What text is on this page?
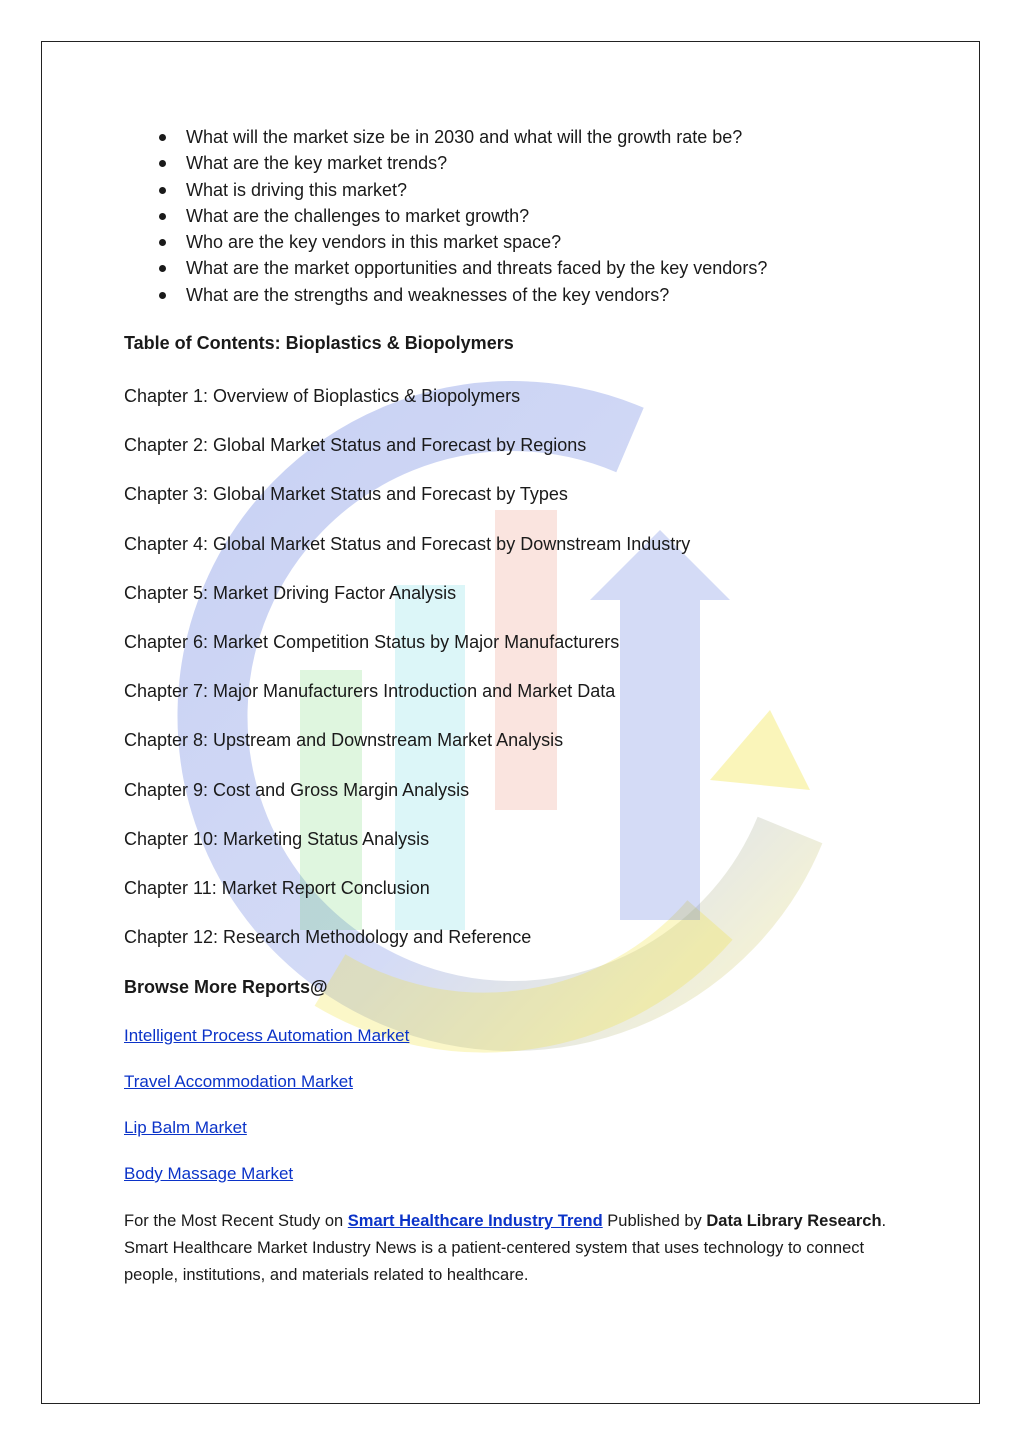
What will the market size be in 2030 and what will the growth rate be?
What are the key market trends?
What is driving this market?
What are the challenges to market growth?
Who are the key vendors in this market space?
What are the market opportunities and threats faced by the key vendors?
What are the strengths and weaknesses of the key vendors?

Table of Contents: Bioplastics & Biopolymers

Chapter 1: Overview of Bioplastics & Biopolymers

Chapter 2: Global Market Status and Forecast by Regions

Chapter 3: Global Market Status and Forecast by Types

Chapter 4: Global Market Status and Forecast by Downstream Industry

Chapter 5: Market Driving Factor Analysis

Chapter 6: Market Competition Status by Major Manufacturers

Chapter 7: Major Manufacturers Introduction and Market Data

Chapter 8: Upstream and Downstream Market Analysis

Chapter 9: Cost and Gross Margin Analysis

Chapter 10: Marketing Status Analysis

Chapter 11: Market Report Conclusion

Chapter 12: Research Methodology and Reference

Browse More Reports@

Intelligent Process Automation Market
Travel Accommodation Market
Lip Balm Market
Body Massage Market
For the Most Recent Study on Smart Healthcare Industry Trend Published by Data Library Research.
Smart Healthcare Market Industry News is a patient-centered system that uses technology to connect people, institutions, and materials related to healthcare.
